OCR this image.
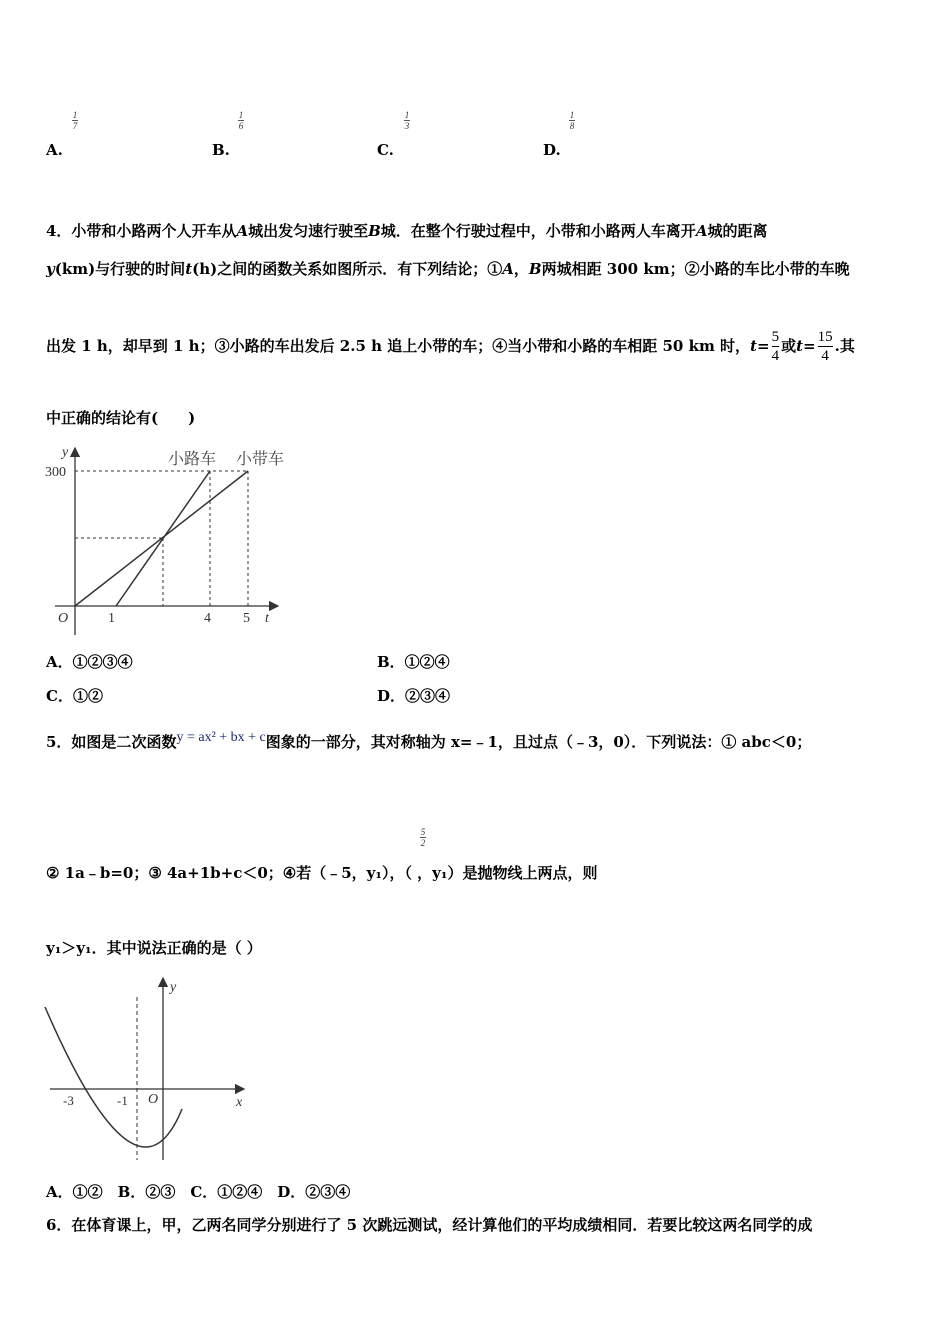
A.
1
7
B.
1
6
C.
1
3
D.
1
8
4．小带和小路两个人开车从A城出发匀速行驶至B城．在整个行驶过程中，小带和小路两人车离开A城的距离
y(km)与行驶的时间t(h)之间的函数关系如图所示．有下列结论；①A，B两城相距 300 km；②小路的车比小带的车晚
出发 1 h，却早到 1 h；③小路的车出发后 2.5 h 追上小带的车；④当小带和小路的车相距 50 km 时， $t = \frac{5}{4}$ 或 $t = \frac{15}{4}$ .其
中正确的结论有(　　)
y
300
O	1	4 5 t
小路车 小带车
A．①②③④	B．①②④
C．①②	D．②③④
5．如图是二次函数y = ax² + bx + c图象的一部分，其对称轴为 x=﹣1，且过点（﹣3，0）．下列说法：① abc＜0；
5
2
② 1a﹣b=0；③ 4a+1b+c＜0；④若（﹣5，y₁），（ ，y₁）是抛物线上两点，则
y₁＞y₁．其中说法正确的是（ ）
y
x
O
-3	-1
A．①②　B．②③　C．①②④　D．②③④
6．在体育课上，甲，乙两名同学分别进行了 5 次跳远测试，经计算他们的平均成绩相同．若要比较这两名同学的成
